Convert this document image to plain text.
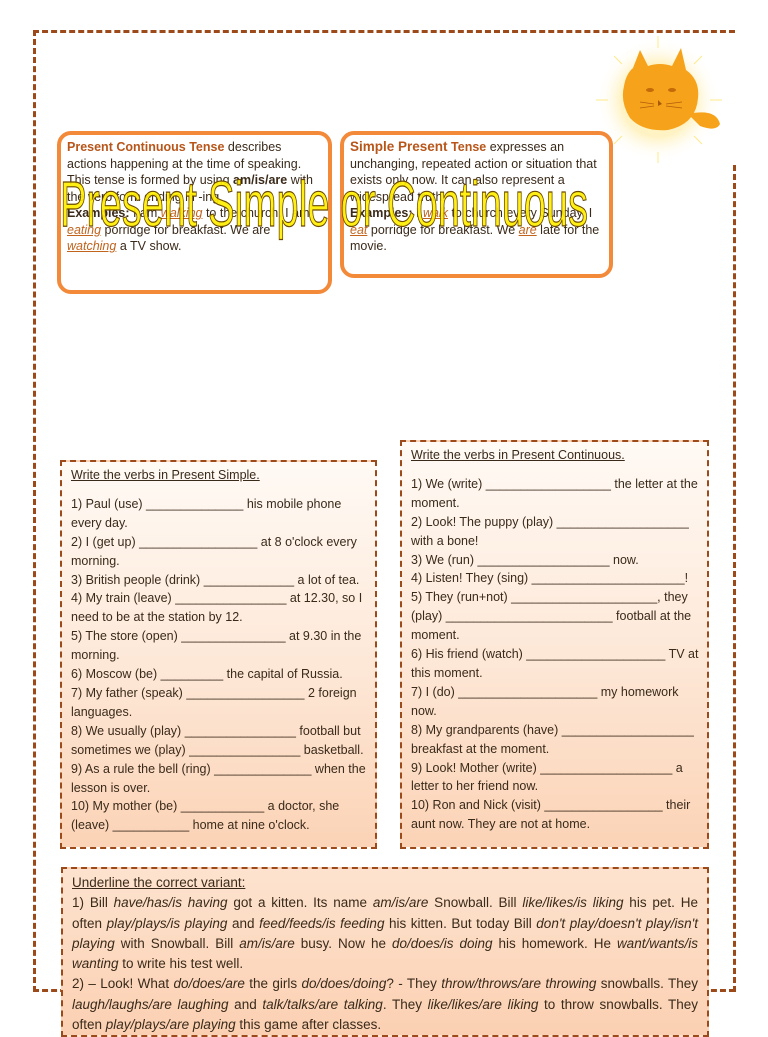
Present Continuous Tense describes actions happening at the time of speaking. This tense is formed by using am/is/are with the verb form ending in -ing.
Examples: I am walking to the church. I am eating porridge for breakfast. We are watching a TV show.
Simple Present Tense expresses an unchanging, repeated action or situation that exists only now. It can also represent a widespread truth.
Examples: I walk to church every Sunday. I eat porridge for breakfast. We are late for the movie.
Present Simple or Continuous
Write the verbs in Present Simple.
1) Paul (use) ______________ his mobile phone every day.
2) I (get up) _________________ at 8 o'clock every morning.
3) British people (drink) _____________ a lot of tea.
4) My train (leave) ________________ at 12.30, so I need to be at the station by 12.
5) The store (open) _______________ at 9.30 in the morning.
6) Moscow (be) _________ the capital of Russia.
7) My father (speak) _________________ 2 foreign languages.
8) We usually (play) ________________ football but sometimes we (play) ________________ basketball.
9) As a rule the bell (ring) ______________ when the lesson is over.
10) My mother (be) ____________ a doctor, she (leave) ___________ home at nine o'clock.
Write the verbs in Present Continuous.
1) We (write) __________________ the letter at the moment.
2) Look! The puppy (play) ___________________ with a bone!
3) We (run) ___________________ now.
4) Listen! They (sing) ______________________!
5) They (run+not) _____________________, they (play) ________________________ football at the moment.
6) His friend (watch) ____________________ TV at this moment.
7) I (do) ____________________ my homework now.
8) My grandparents (have) ___________________ breakfast at the moment.
9) Look! Mother (write) ___________________ a letter to her friend now.
10) Ron and Nick (visit) _________________ their aunt now. They are not at home.
Underline the correct variant:
1) Bill have/has/is having got a kitten. Its name am/is/are Snowball. Bill like/likes/is liking his pet. He often play/plays/is playing and feed/feeds/is feeding his kitten. But today Bill don't play/doesn't play/isn't playing with Snowball. Bill am/is/are busy. Now he do/does/is doing his homework. He want/wants/is wanting to write his test well.
2) – Look! What do/does/are the girls do/does/doing? - They throw/throws/are throwing snowballs. They laugh/laughs/are laughing and talk/talks/are talking. They like/likes/are liking to throw snowballs. They often play/plays/are playing this game after classes.
